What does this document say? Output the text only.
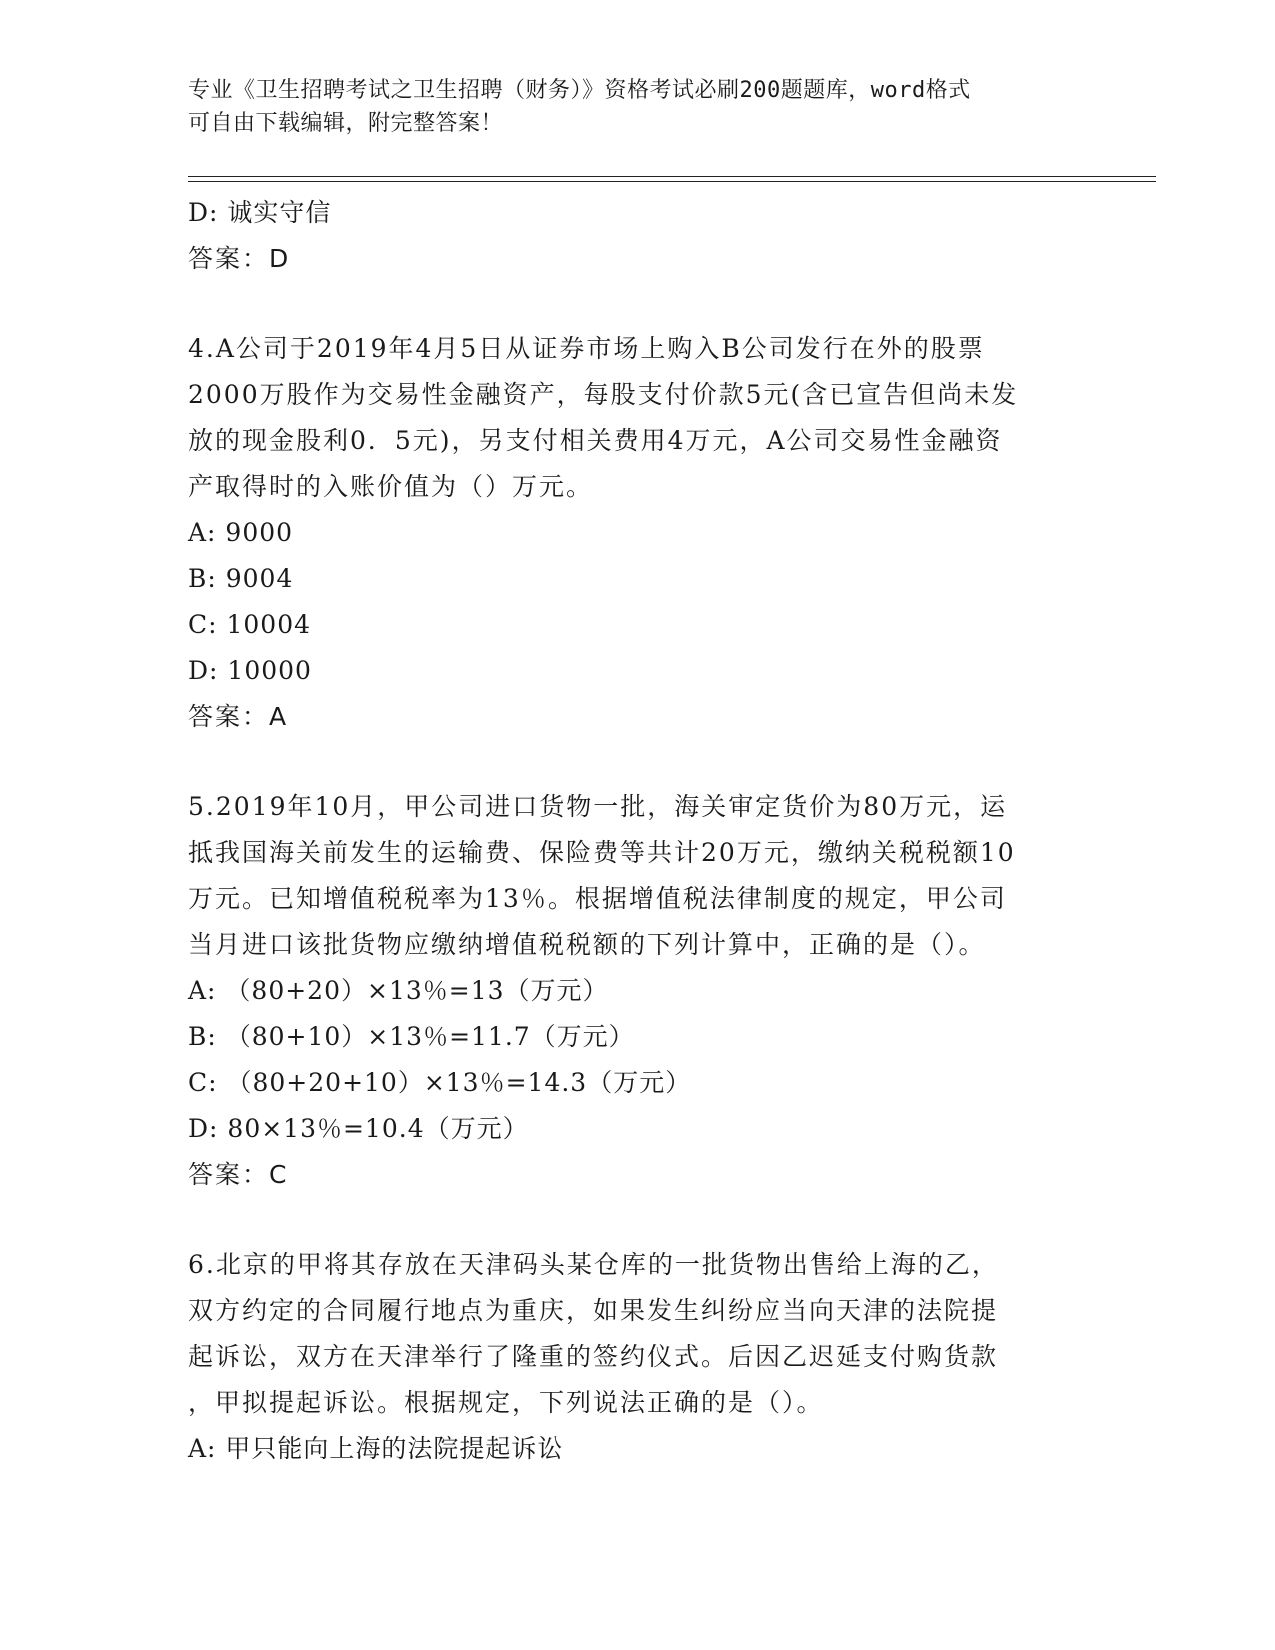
专业《卫生招聘考试之卫生招聘（财务）》资格考试必刷200题题库，word格式
可自由下载编辑，附完整答案！
D: 诚实守信
答案：D
4.A公司于2019年4月5日从证券市场上购入B公司发行在外的股票
2000万股作为交易性金融资产，每股支付价款5元(含已宣告但尚未发
放的现金股利0．5元)，另支付相关费用4万元，A公司交易性金融资
产取得时的入账价值为（）万元。
A: 9000
B: 9004
C: 10004
D: 10000
答案：A
5.2019年10月，甲公司进口货物一批，海关审定货价为80万元，运
抵我国海关前发生的运输费、保险费等共计20万元，缴纳关税税额10
万元。已知增值税税率为13％。根据增值税法律制度的规定，甲公司
当月进口该批货物应缴纳增值税税额的下列计算中，正确的是（）。
A: （80+20）×13％=13（万元）
B: （80+10）×13％=11.7（万元）
C: （80+20+10）×13％=14.3（万元）
D: 80×13％=10.4（万元）
答案：C
6.北京的甲将其存放在天津码头某仓库的一批货物出售给上海的乙，
双方约定的合同履行地点为重庆，如果发生纠纷应当向天津的法院提
起诉讼，双方在天津举行了隆重的签约仪式。后因乙迟延支付购货款
，甲拟提起诉讼。根据规定，下列说法正确的是（）。
A: 甲只能向上海的法院提起诉讼
